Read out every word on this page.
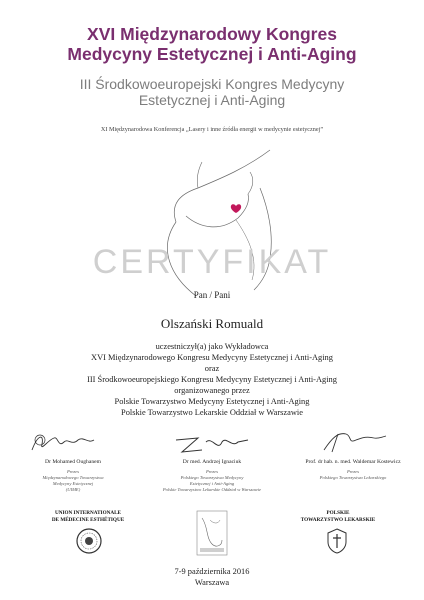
XVI Międzynarodowy Kongres
Medycyny Estetycznej i Anti-Aging
III Środkowoeuropejski Kongres Medycyny
Estetycznej i Anti-Aging
XI Międzynarodowa Konferencja „Lasery i inne źródła energii w medycynie estetycznej”
CERTYFIKAT
Pan / Pani
Olszański Romuald
uczestniczył(a) jako Wykładowca
XVI Międzynarodowego Kongresu Medycyny Estetycznej i Anti-Aging
oraz
III Środkowoeuropejskiego Kongresu Medycyny Estetycznej i Anti-Aging
organizowanego przez
Polskie Towarzystwo Medycyny Estetycznej i Anti-Aging
Polskie Towarzystwo Lekarskie Oddział w Warszawie
Dr Mohamed Oughanem
Prezes
Międzynarodowego Towarzystwa
Medycyny Estetycznej
(UIME)
Dr med. Andrzej Ignaciuk
Prezes
Polskiego Towarzystwa Medycyny
Estetycznej i Anti-Aging
Polskie Towarzystwo Lekarskie Oddział w Warszawie
Prof. dr hab. n. med. Waldemar Kostewicz
Prezes
Polskiego Towarzystwa Lekarskiego
UNION INTERNATIONALE
DE MÉDECINE ESTHÉTIQUE
POLSKIE
TOWARZYSTWO LEKARSKIE
7-9 października 2016
Warszawa
